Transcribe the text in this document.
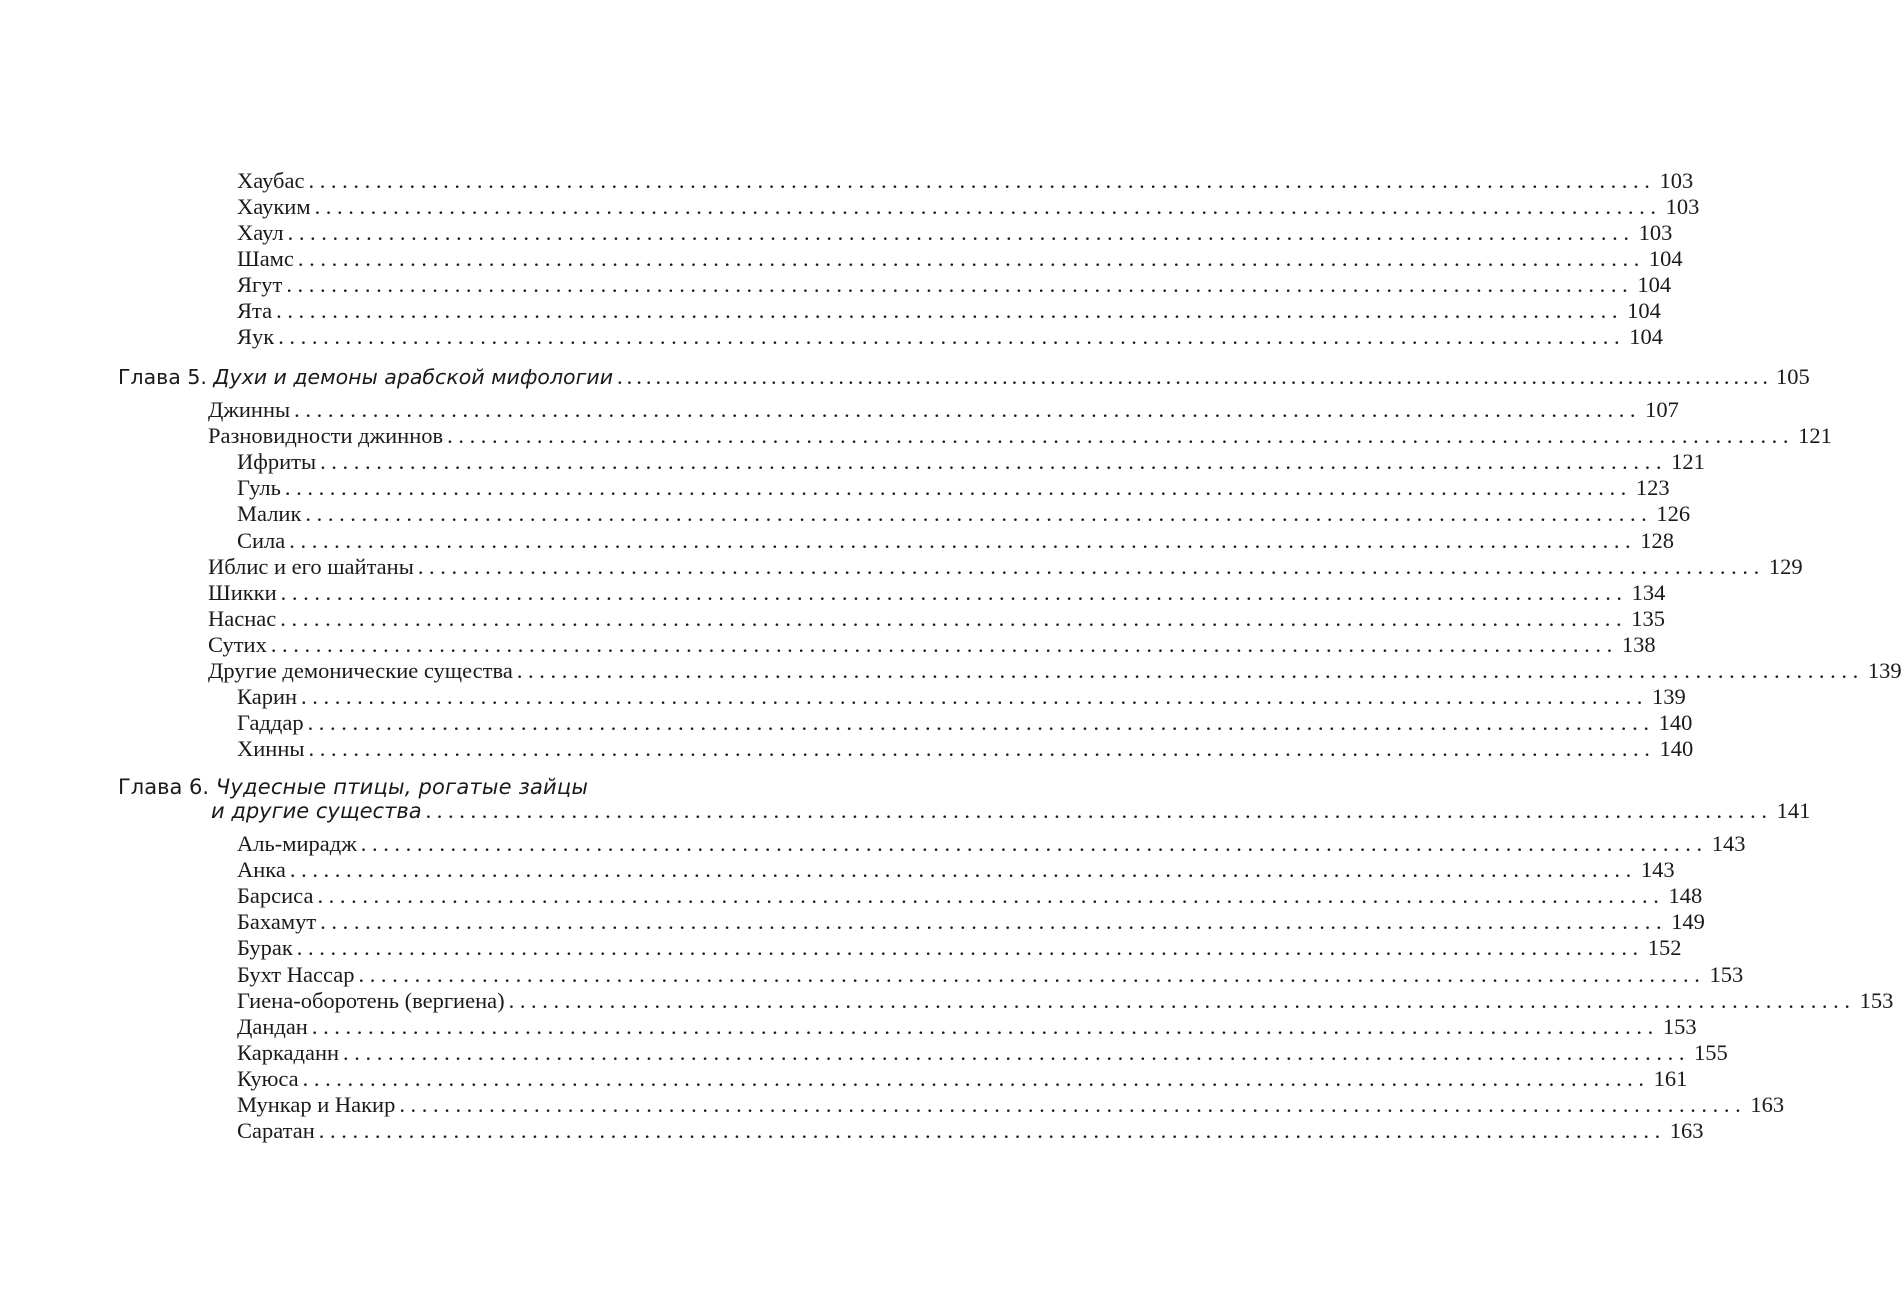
Хаубас ........................................................................................................................ 103
Хауким ........................................................................................................................ 103
Хаул ........................................................................................................................ 103
Шамс ........................................................................................................................ 104
Ягут ........................................................................................................................ 104
Ята ........................................................................................................................ 104
Яук ........................................................................................................................ 104
Глава 5. Духи и демоны арабской мифологии ........................................................................................................................ 105
Джинны ........................................................................................................................ 107
Разновидности джиннов ........................................................................................................................ 121
Ифриты ........................................................................................................................ 121
Гуль ........................................................................................................................ 123
Малик ........................................................................................................................ 126
Сила ........................................................................................................................ 128
Иблис и его шайтаны ........................................................................................................................ 129
Шикки ........................................................................................................................ 134
Наснас ........................................................................................................................ 135
Сутих ........................................................................................................................ 138
Другие демонические существа ........................................................................................................................ 139
Карин ........................................................................................................................ 139
Гаддар ........................................................................................................................ 140
Хинны ........................................................................................................................ 140
Глава 6. Чудесные птицы, рогатые зайцы
и другие существа ........................................................................................................................ 141
Аль-мирадж ........................................................................................................................ 143
Анка ........................................................................................................................ 143
Барсиса ........................................................................................................................ 148
Бахамут ........................................................................................................................ 149
Бурак ........................................................................................................................ 152
Бухт Нассар ........................................................................................................................ 153
Гиена-оборотень (вергиена) ........................................................................................................................ 153
Дандан ........................................................................................................................ 153
Каркаданн ........................................................................................................................ 155
Куюса ........................................................................................................................ 161
Мункар и Накир ........................................................................................................................ 163
Саратан ........................................................................................................................ 163
